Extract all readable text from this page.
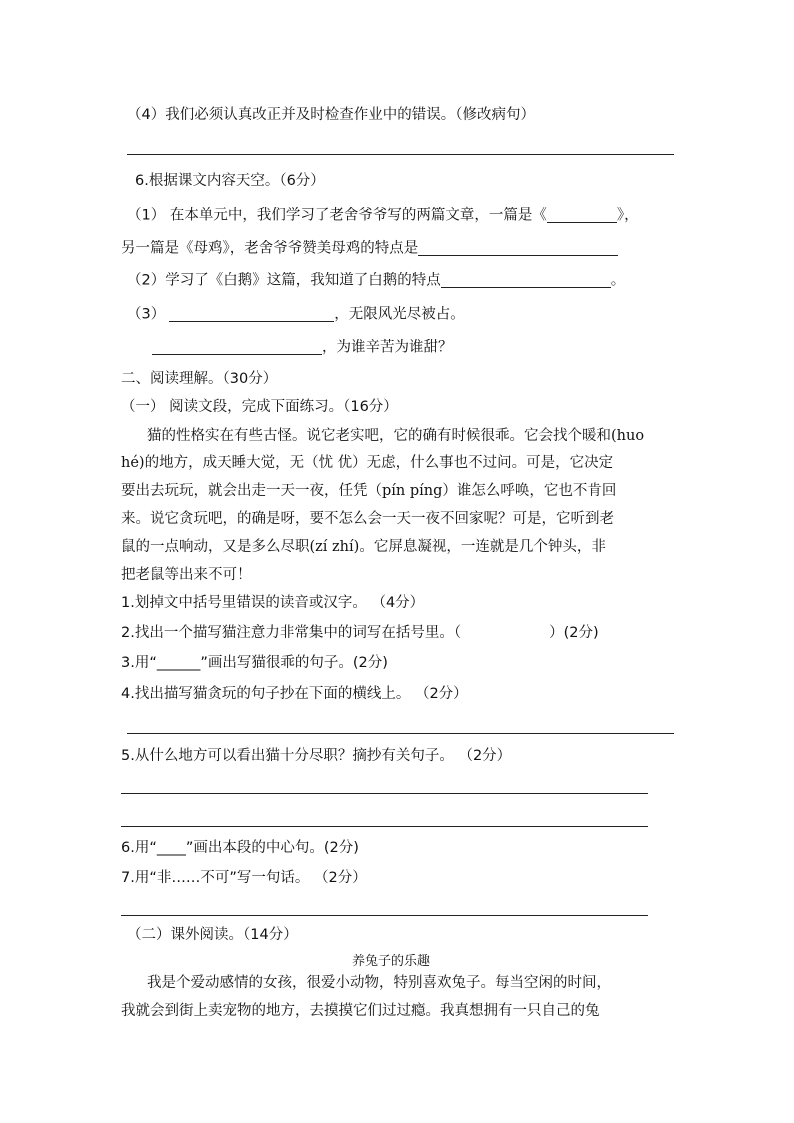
（4）我们必须认真改正并及时检查作业中的错误。（修改病句）
6.根据课文内容天空。（6分）
（1） 在本单元中，我们学习了老舍爷爷写的两篇文章，一篇是《	》，
另一篇是《母鸡》，老舍爷爷赞美母鸡的特点是
（2）学习了《白鹅》这篇，我知道了白鹅的特点	。
（3）	，无限风光尽被占。
，为谁辛苦为谁甜？
二、阅读理解。（30分）
（一） 阅读文段，完成下面练习。（16分）
猫的性格实在有些古怪。说它老实吧，它的确有时候很乖。它会找个暖和(huo
hé)的地方，成天睡大觉，无（忧 优）无虑，什么事也不过问。可是，它决定
要出去玩玩，就会出走一天一夜，任凭（pín píng）谁怎么呼唤，它也不肯回
来。说它贪玩吧，的确是呀，要不怎么会一天一夜不回家呢？可是，它听到老
鼠的一点响动，又是多么尽职(zí zhí)。它屏息凝视，一连就是几个钟头，非
把老鼠等出来不可！
1.划掉文中括号里错误的读音或汉字。 （4分）
2.找出一个描写猫注意力非常集中的词写在括号里。（	）(2分)
3.用“______”画出写猫很乖的句子。(2分)
4.找出描写猫贪玩的句子抄在下面的横线上。 （2分）
5.从什么地方可以看出猫十分尽职？摘抄有关句子。 （2分）
6.用“____”画出本段的中心句。(2分)
7.用“非……不可”写一句话。 （2分）
（二）课外阅读。（14分）
养兔子的乐趣
我是个爱动感情的女孩，很爱小动物，特别喜欢兔子。每当空闲的时间，
我就会到街上卖宠物的地方，去摸摸它们过过瘾。我真想拥有一只自己的兔
